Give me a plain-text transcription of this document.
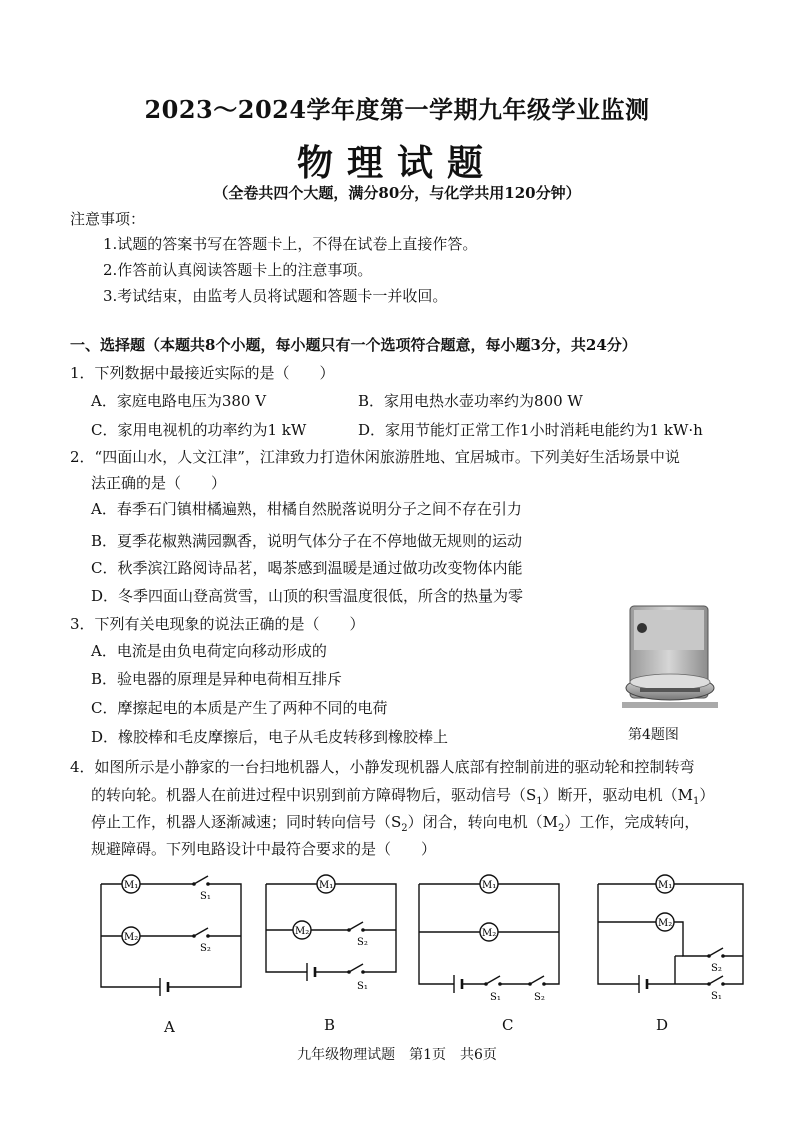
2023～2024学年度第一学期九年级学业监测
物理试题
（全卷共四个大题，满分80分，与化学共用120分钟）
注意事项：
1.试题的答案书写在答题卡上，不得在试卷上直接作答。
2.作答前认真阅读答题卡上的注意事项。
3.考试结束，由监考人员将试题和答题卡一并收回。
一、选择题（本题共8个小题，每小题只有一个选项符合题意，每小题3分，共24分）
1．下列数据中最接近实际的是（　　）
A．家庭电路电压为380 V	B．家用电热水壶功率约为800 W
C．家用电视机的功率约为1 kW	D．家用节能灯正常工作1小时消耗电能约为1 kW·h
2．“四面山水，人文江津”，江津致力打造休闲旅游胜地、宜居城市。下列美好生活场景中说
法正确的是（　　）
A．春季石门镇柑橘遍熟，柑橘自然脱落说明分子之间不存在引力
B．夏季花椒熟满园飘香，说明气体分子在不停地做无规则的运动
C．秋季滨江路阅诗品茗，喝茶感到温暖是通过做功改变物体内能
D．冬季四面山登高赏雪，山顶的积雪温度很低，所含的热量为零
3．下列有关电现象的说法正确的是（　　）
A．电流是由负电荷定向移动形成的
B．验电器的原理是异种电荷相互排斥
C．摩擦起电的本质是产生了两种不同的电荷
D．橡胶棒和毛皮摩擦后，电子从毛皮转移到橡胶棒上	第4题图
4．如图所示是小静家的一台扫地机器人，小静发现机器人底部有控制前进的驱动轮和控制转弯
的转向轮。机器人在前进过程中识别到前方障碍物后，驱动信号$(S_1)$断开，驱动电机$(M_1)$
停止工作，机器人逐渐减速；同时转向信号$(S_2)$闭合，转向电机$(M_2)$工作，完成转向，
规避障碍。下列电路设计中最符合要求的是（　　）
M₁
S₁
M₂
S₂
A
M₁
M₂
S₂
S₁
B
M₁
M₂
S₁	S₂
C
M₁
M₂
S₂
S₁
D
九年级物理试题　第1页　共6页
